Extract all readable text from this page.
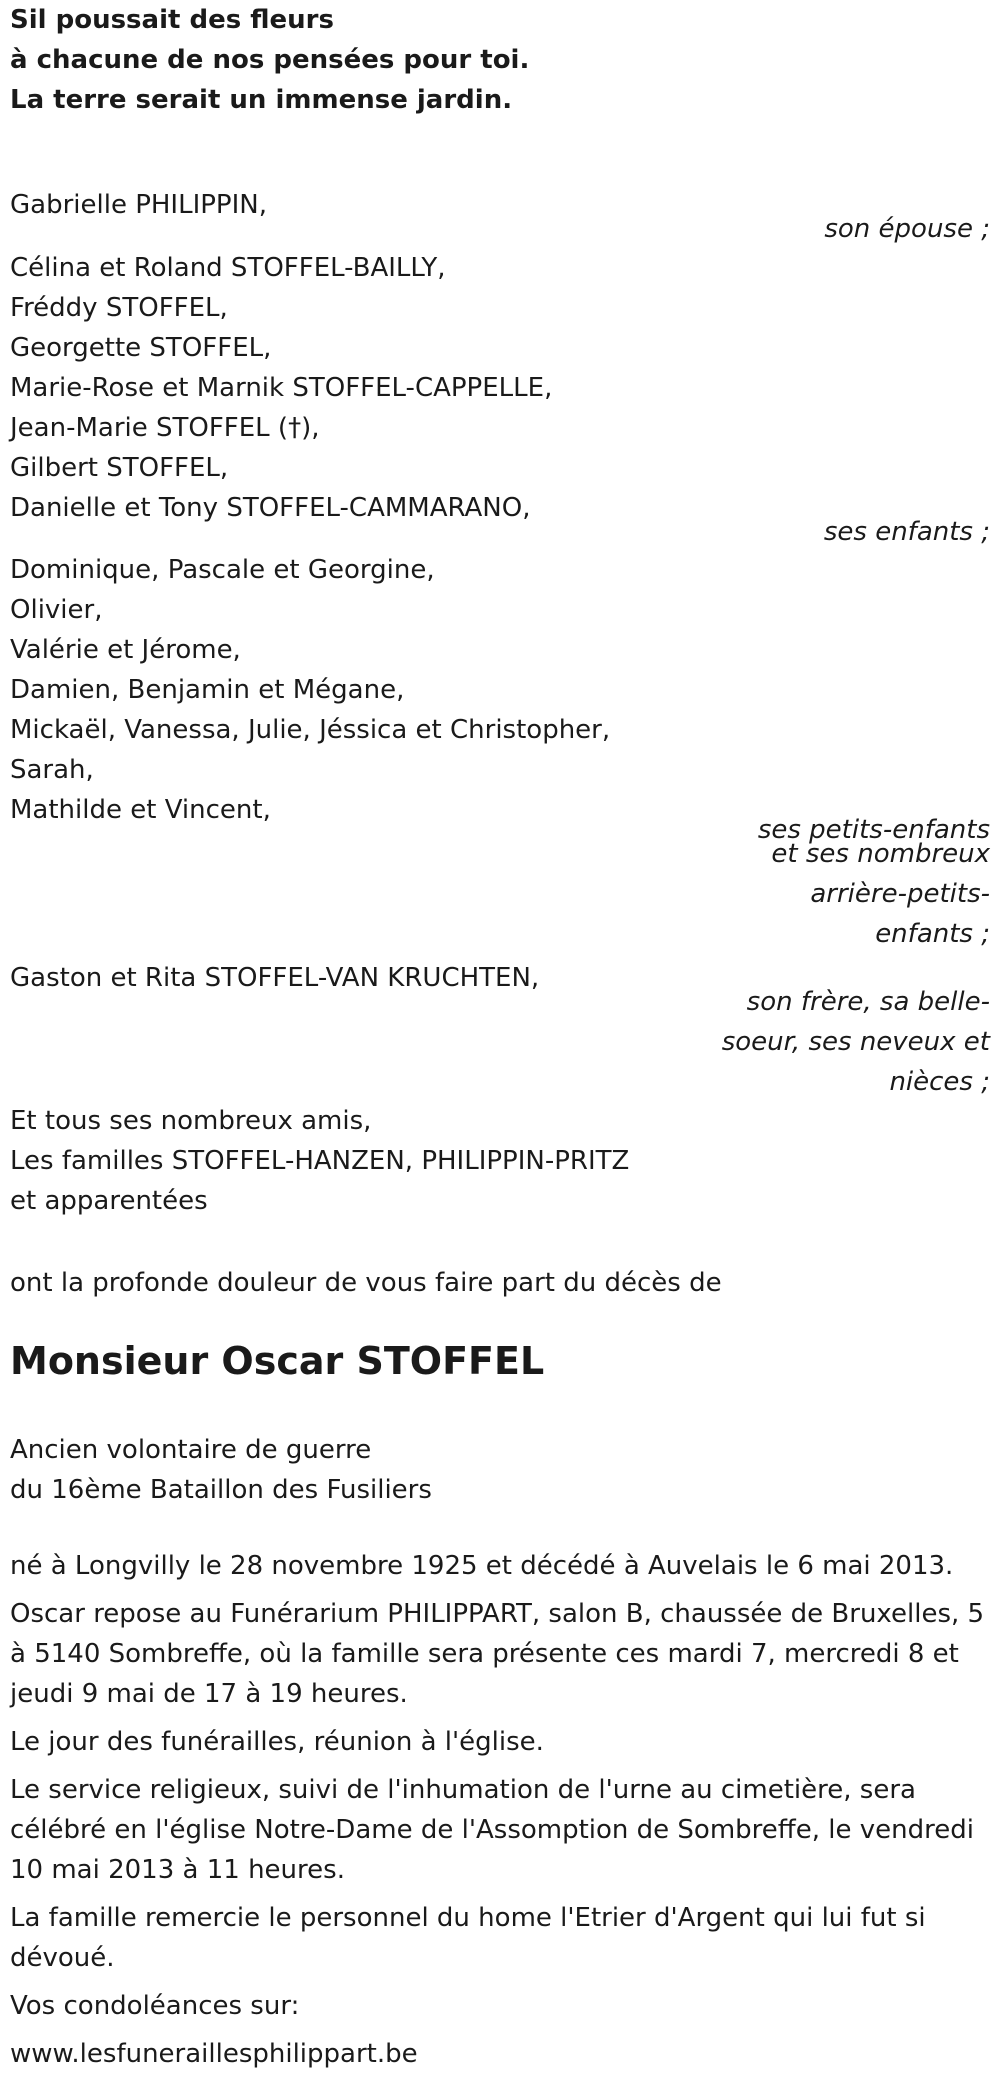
Sil poussait des fleurs
à chacune de nos pensées pour toi.
La terre serait un immense jardin.
Gabrielle PHILIPPIN,
son épouse ;
Célina et Roland STOFFEL-BAILLY,
Fréddy STOFFEL,
Georgette STOFFEL,
Marie-Rose et Marnik STOFFEL-CAPPELLE,
Jean-Marie STOFFEL (†),
Gilbert STOFFEL,
Danielle et Tony STOFFEL-CAMMARANO,
ses enfants ;
Dominique, Pascale et Georgine,
Olivier,
Valérie et Jérome,
Damien, Benjamin et Mégane,
Mickaël, Vanessa, Julie, Jéssica et Christopher,
Sarah,
Mathilde et Vincent,
ses petits-enfants
et ses nombreux
arrière-petits-
enfants ;
Gaston et Rita STOFFEL-VAN KRUCHTEN,
son frère, sa belle-
soeur, ses neveux et
nièces ;
Et tous ses nombreux amis,
Les familles STOFFEL-HANZEN, PHILIPPIN-PRITZ
et apparentées
ont la profonde douleur de vous faire part du décès de
Monsieur Oscar STOFFEL
Ancien volontaire de guerre
du 16ème Bataillon des Fusiliers
né à Longvilly le 28 novembre 1925 et décédé à Auvelais le 6 mai 2013.
Oscar repose au Funérarium PHILIPPART, salon B, chaussée de Bruxelles, 5 à 5140 Sombreffe, où la famille sera présente ces mardi 7, mercredi 8 et jeudi 9 mai de 17 à 19 heures.
Le jour des funérailles, réunion à l'église.
Le service religieux, suivi de l'inhumation de l'urne au cimetière, sera célébré en l'église Notre-Dame de l'Assomption de Sombreffe, le vendredi 10 mai 2013 à 11 heures.
La famille remercie le personnel du home l'Etrier d'Argent qui lui fut si dévoué.
Vos condoléances sur:
www.lesfuneraillesphilippart.be
